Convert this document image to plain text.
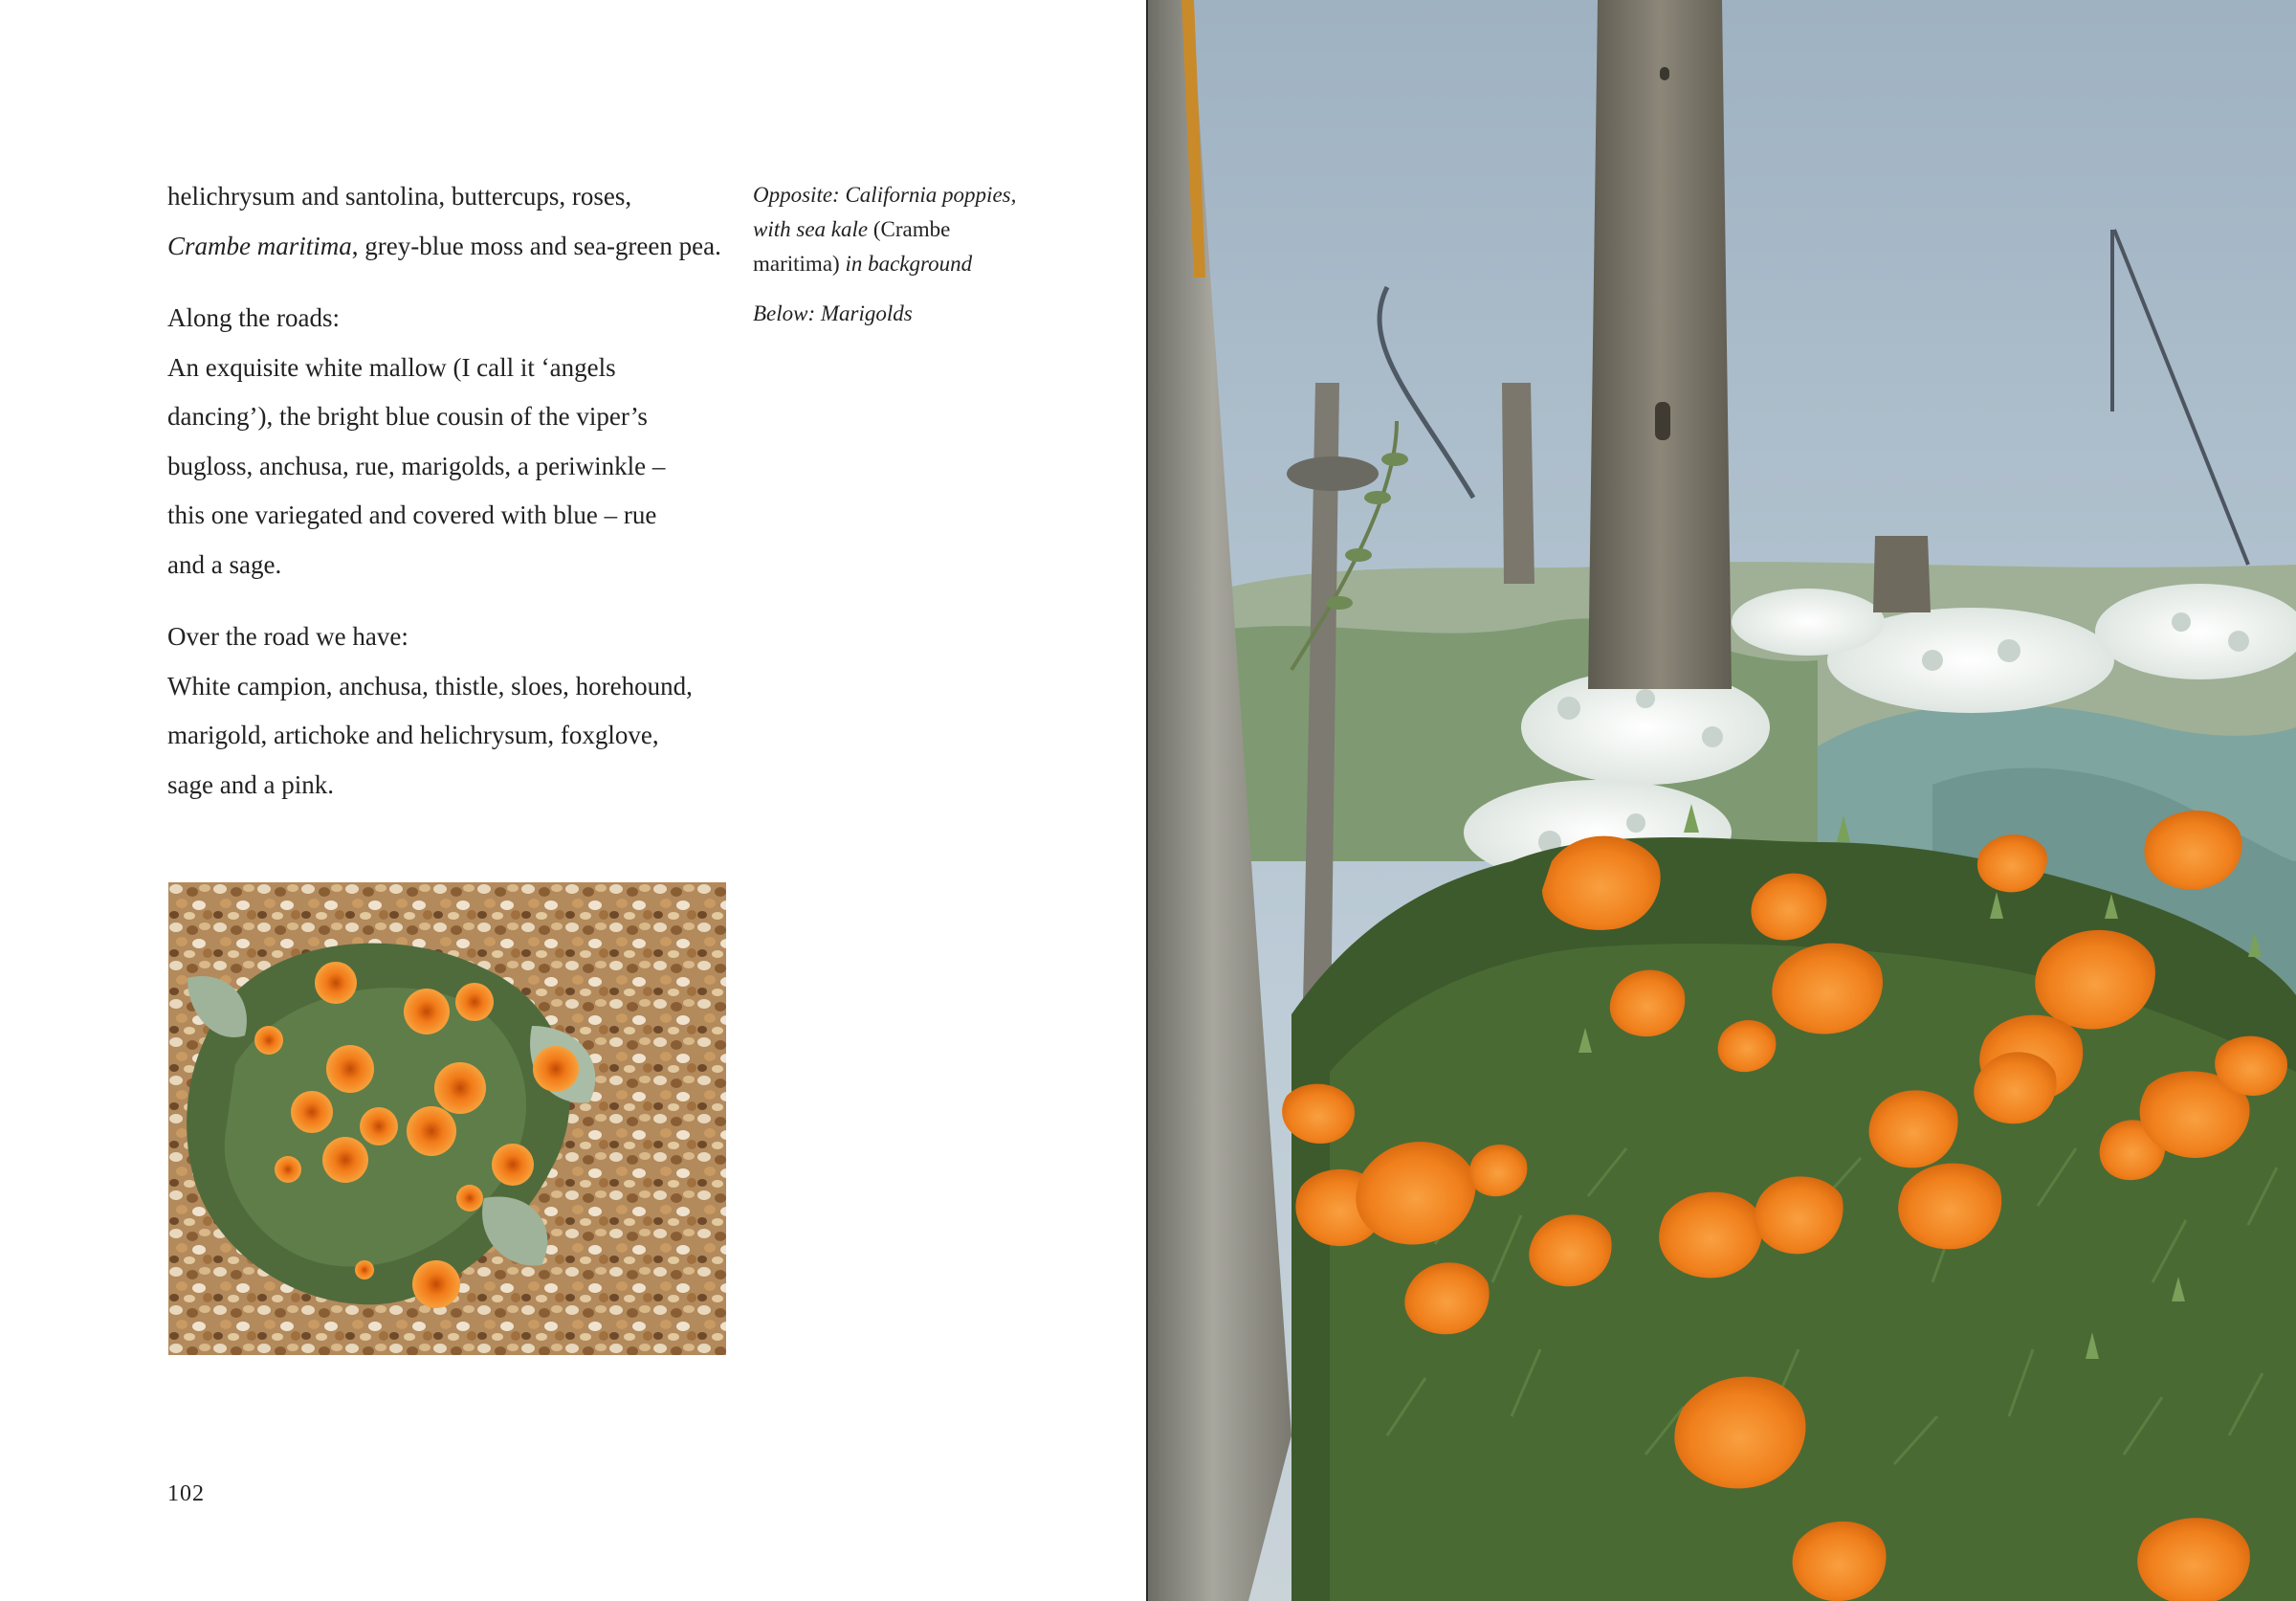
helichrysum and santolina, buttercups, roses,

Crambe maritima, grey-blue moss and sea-green pea.

Along the roads:

An exquisite white mallow (I call it ‘angels

dancing’), the bright blue cousin of the viper’s

bugloss, anchusa, rue, marigolds, a periwinkle –

this one variegated and covered with blue – rue

and a sage.

Over the road we have:

White campion, anchusa, thistle, sloes, horehound,

marigold, artichoke and helichrysum, foxglove,

sage and a pink.

Opposite: California poppies,

with sea kale (Crambe

maritima) in background

Below: Marigolds

102
